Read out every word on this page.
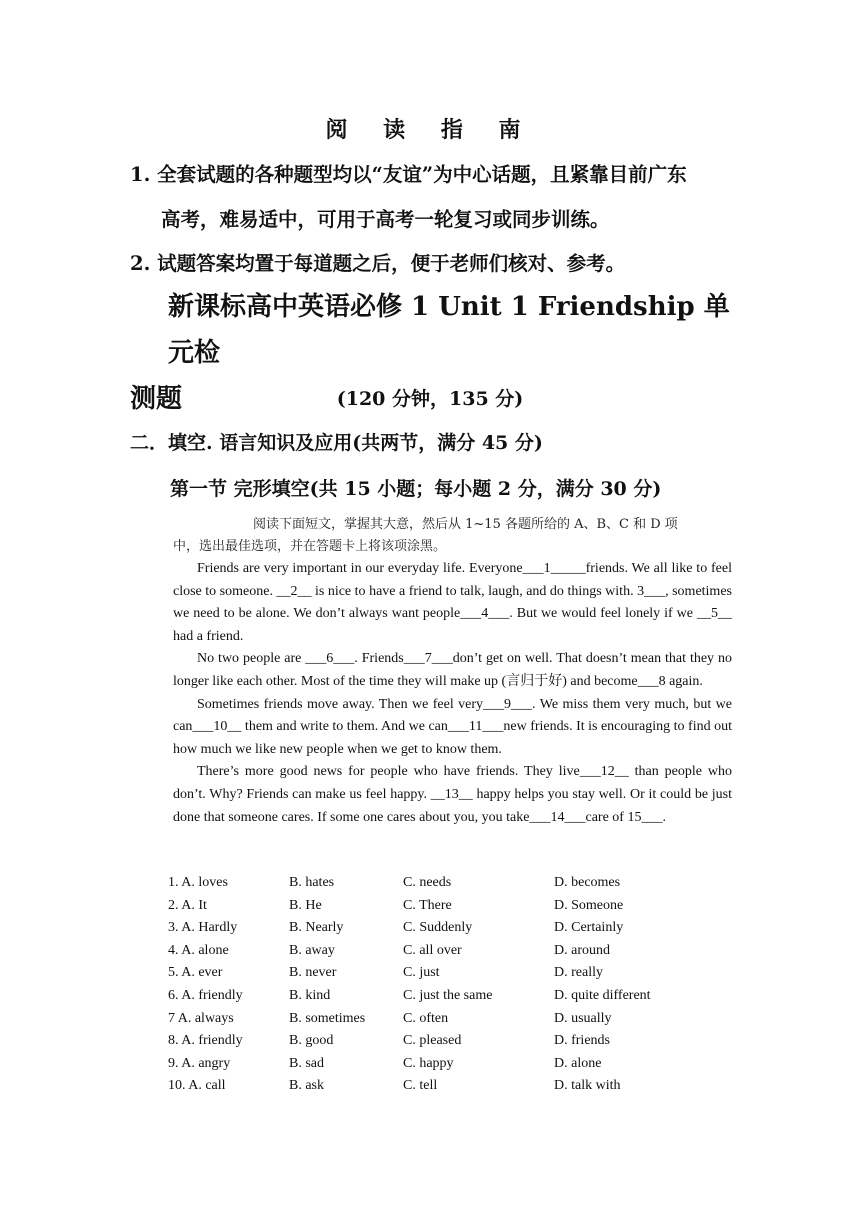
阅 读 指 南
1. 全套试题的各种题型均以“友谊”为中心话题，且紧靠目前广东
高考，难易适中，可用于高考一轮复习或同步训练。
2. 试题答案均置于每道题之后，便于老师们核对、参考。
新课标高中英语必修 1 Unit 1 Friendship 单元检
测题	(120 分钟，135 分)
二．填空. 语言知识及应用(共两节，满分 45 分)
第一节 完形填空(共 15 小题；每小题 2 分，满分 30 分)
阅读下面短文，掌握其大意，然后从 1~15 各题所给的 A、B、C 和 D 项
中，选出最佳选项，并在答题卡上将该项涂黑。

Friends are very important in our everyday life. Everyone___1_____friends. We all like to feel close to someone. __2__ is nice to have a friend to talk, laugh, and do things with. 3___, sometimes we need to be alone. We don’t always want people___4___. But we would feel lonely if we __5__ had a friend.

No two people are ___6___. Friends___7___don’t get on well. That doesn’t mean that they no longer like each other. Most of the time they will make up (言归于好) and become___8 again.

Sometimes friends move away. Then we feel very___9___. We miss them very much, but we can___10__ them and write to them. And we can___11___new friends. It is encouraging to find out how much we like new people when we get to know them.

There’s more good news for people who have friends. They live___12__ than people who don’t. Why? Friends can make us feel happy. __13__ happy helps you stay well. Or it could be just done that someone cares. If some one cares about you, you take___14___care of 15___.

1. A. loves	B. hates	C. needs	D. becomes
2. A. It	B. He	C. There	D. Someone
3. A. Hardly	B. Nearly	C. Suddenly	D. Certainly
4. A. alone	B. away	C. all over	D. around
5. A. ever	B. never	C. just	D. really
6. A. friendly	B. kind	C. just the same	D. quite different
7 A. always	B. sometimes	C. often	D. usually
8. A. friendly	B. good	C. pleased	D. friends
9. A. angry	B. sad	C. happy	D. alone
10. A. call	B. ask	C. tell	D. talk with
